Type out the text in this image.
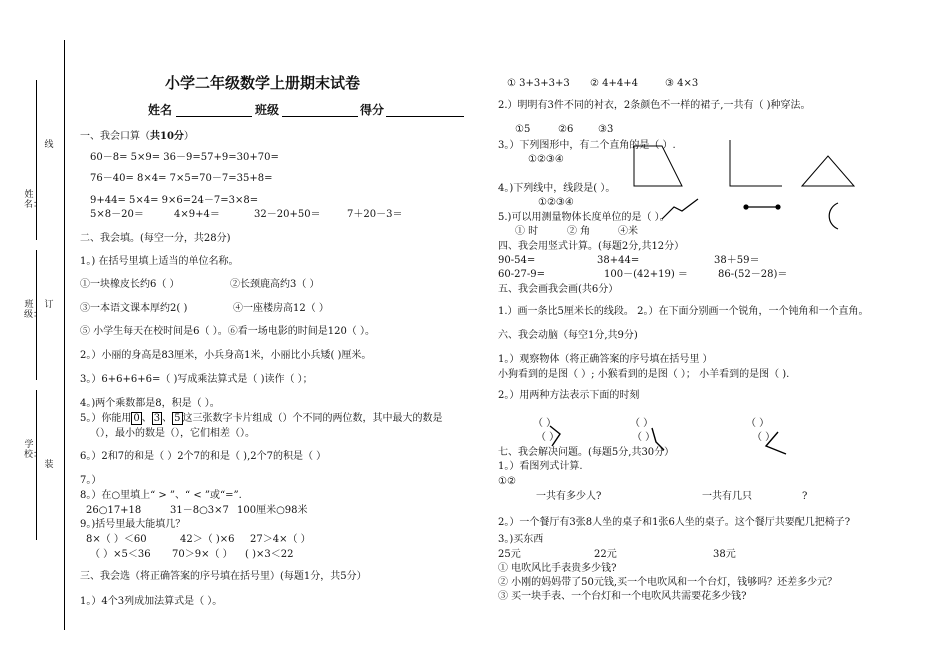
姓名：
班级：
学校：
线
订
装
小学二年级数学上册期末试卷
姓名	班级	得分
一、我会口算（共10分）
60－8= 5×9= 36－9=57+9=30+70=
76－40= 8×4= 7×5=70－7=35+8=
9+44= 5×4= 9×6=24－7=3×8=
5×8－20＝	4×9+4＝	32－20+50＝	7＋20－3＝
二、我会填。(每空一分，共28分)
1。) 在括号里填上适当的单位名称。
①一块橡皮长约6（ ）	②长颈鹿高约3（ ）
③一本语文课本厚约2( )	④一座楼房高12（ ）
⑤ 小学生每天在校时间是6（ ）。⑥看一场电影的时间是120（ ）。
2。）小丽的身高是83厘米，小兵身高1米，小丽比小兵矮( )厘米。
3。）6+6+6+6=（ )写成乘法算式是（ )读作（ ）；
4。)两个乘数都是8，积是（ ）。
5。）你能用 0 、 3 、 5 这三张数字卡片组成（）个不同的两位数，其中最大的数是
（），最小的数是（），它们相差（）。
6。）2和7的和是（ ）2个7的和是（ ),2个7的积是（ ）
7。）
8。）在○里填上“ > ”、“ < ”或“=”.
26○17+18	31－8○3×7 100厘米○98米
9。)括号里最大能填几？
8×（ ）＜60	42＞（ )×6 27＞4×（ ）
（ ）×5＜36 70＞9×（ ） ( )×3＜22
三、我会选（将正确答案的序号填在括号里）(每题1分，共5分）
1。）4个3列成加法算式是（ ）。
① 3+3+3+3 ② 4+4+4	③ 4×3
2.）明明有3件不同的衬衣，2条颜色不一样的裙子,一共有（ )种穿法。
①5	②6 ③3
3。）下列图形中，有二个直角的是（ ）.
①②③④
4。)下列线中，线段是( ）。
①②③④
5.)可以用测量物体长度单位的是（ ）。
① 时	② 角	④米
四、我会用竖式计算。(每题2分,共12分）
90-54=	38+44=	38＋59＝
60-27-9=	100－(42+19) ＝	86-(52－28)＝
五、我会画我会画(共6分）
1.）画一条比5厘米长的线段。 2。）在下面分别画一个锐角，一个钝角和一个直角。
六、我会动脑（每空1分,共9分)
1。）观察物体（将正确答案的序号填在括号里 ）
小狗看到的是图（ ）; 小猴看到的是图（ ）； 小羊看到的是图（ ).
2。）用两种方法表示下面的时刻
（ ）	（ ）	（ ）
（ ）	（ ）	（ ）
七、我会解决问题。(每题5分,共30分）
1。）看图列式计算.
①②
一共有多少人?	一共有几只	?
2。）一个餐厅有3张8人坐的桌子和1张6人坐的桌子。这个餐厅共要配几把椅子?
3。)买东西
25元	22元	38元
① 电吹风比手表贵多少钱?
② 小刚的妈妈带了50元钱,买一个电吹风和一个台灯，钱够吗？还差多少元？
③ 买一块手表、一个台灯和一个电吹风共需要花多少钱?
